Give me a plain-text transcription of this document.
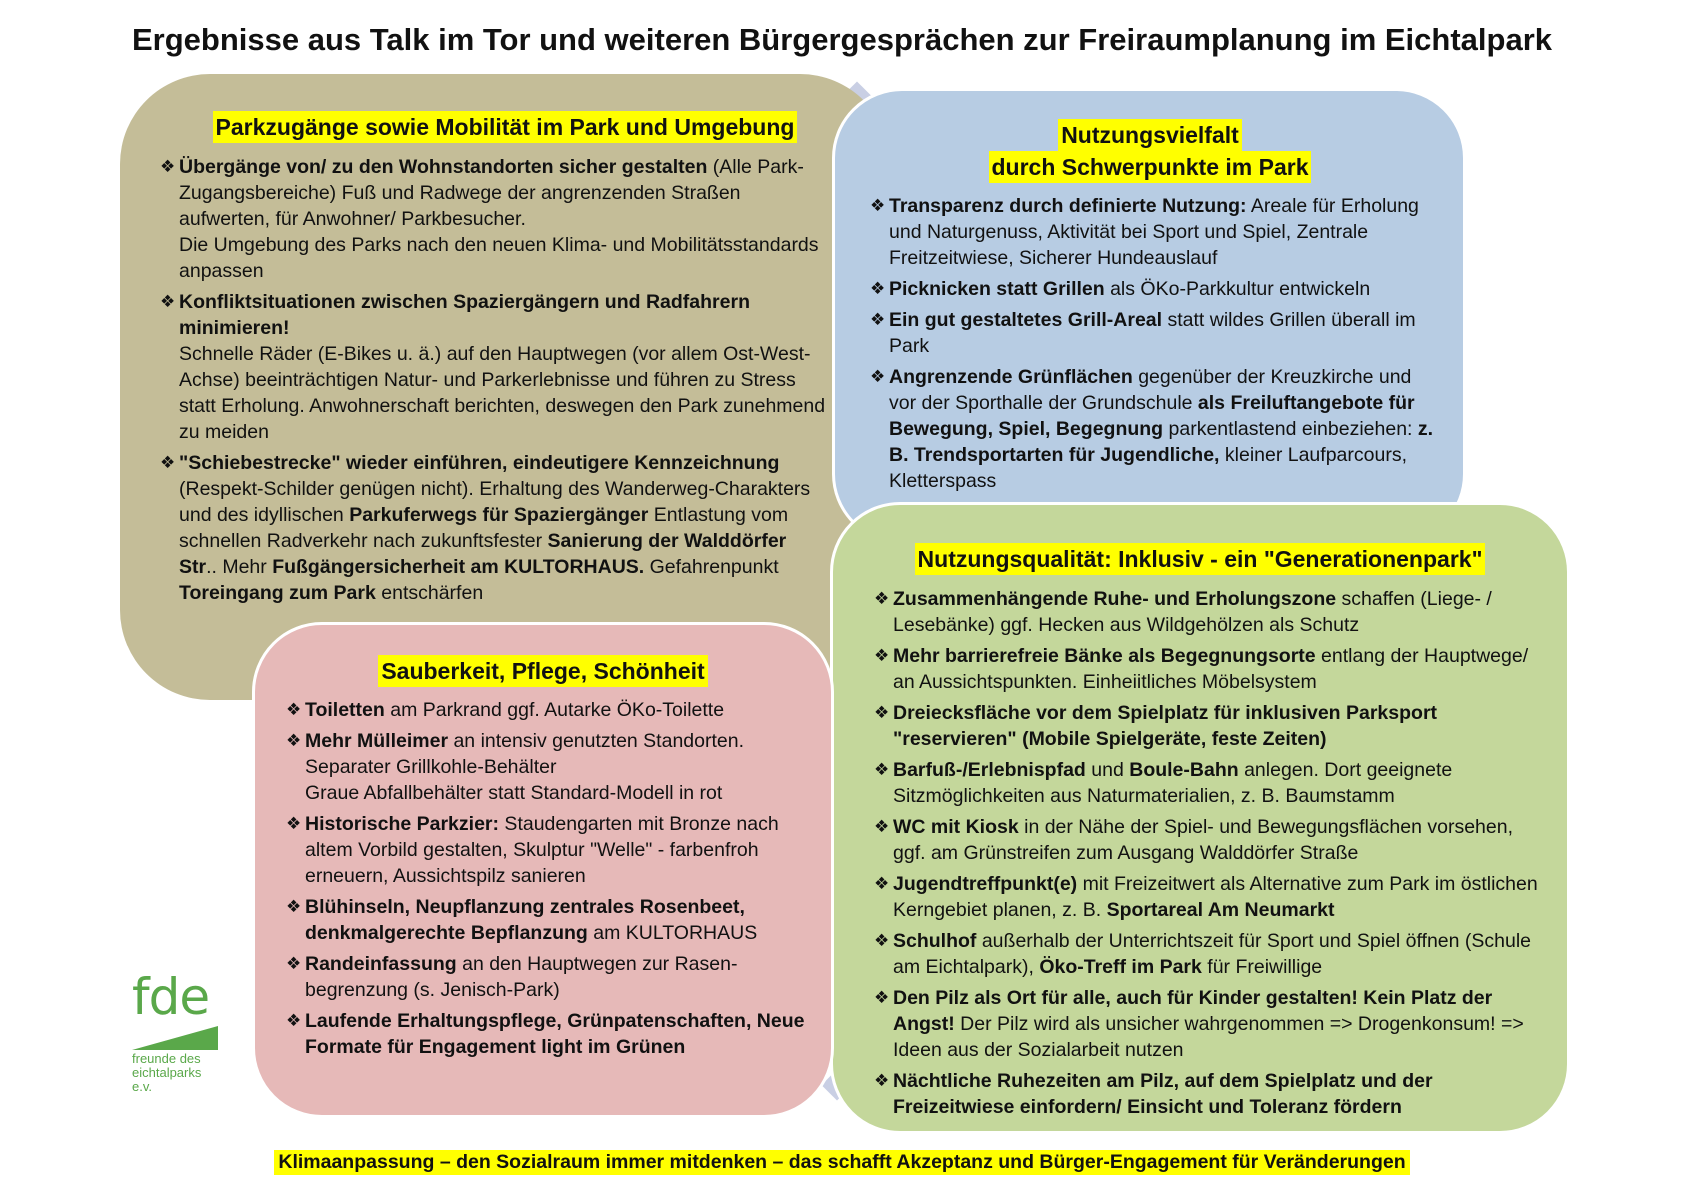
Ergebnisse aus Talk im Tor und weiteren Bürgergesprächen zur Freiraumplanung im Eichtalpark
Parkzugänge sowie Mobilität im Park und Umgebung
❖ Übergänge von/ zu den Wohnstandorten sicher gestalten (Alle Park-Zugangsbereiche) Fuß und Radwege der angrenzenden Straßen aufwerten, für Anwohner/ Parkbesucher.
Die Umgebung des Parks nach den neuen Klima- und Mobilitätsstandards anpassen
❖ Konfliktsituationen zwischen Spaziergängern und Radfahrern minimieren!
Schnelle Räder (E-Bikes u. ä.) auf den Hauptwegen (vor allem Ost-West-Achse) beeinträchtigen Natur- und Parkerlebnisse und führen zu Stress statt Erholung. Anwohnerschaft berichten, deswegen den Park zunehmend zu meiden
❖ "Schiebestrecke" wieder einführen, eindeutigere Kennzeichnung (Respekt-Schilder genügen nicht). Erhaltung des Wanderweg-Charakters und des idyllischen Parkuferwegs für Spaziergänger Entlastung vom schnellen Radverkehr nach zukunftsfester Sanierung der Walddörfer Str.. Mehr Fußgängersicherheit am KULTORHAUS. Gefahrenpunkt Toreingang zum Park entschärfen
Nutzungsvielfalt
durch Schwerpunkte im Park
❖ Transparenz durch definierte Nutzung: Areale für Erholung und Naturgenuss, Aktivität bei Sport und Spiel, Zentrale Freitzeitwiese, Sicherer Hundeauslauf
❖ Picknicken statt Grillen als ÖKo-Parkkultur entwickeln
❖ Ein gut gestaltetes Grill-Areal statt wildes Grillen überall im Park
❖ Angrenzende Grünflächen gegenüber der Kreuzkirche und vor der Sporthalle der Grundschule als Freiluftangebote für Bewegung, Spiel, Begegnung parkentlastend einbeziehen: z. B. Trendsportarten für Jugendliche, kleiner Laufparcours, Kletterspass
Nutzungsqualität: Inklusiv - ein "Generationenpark"
❖ Zusammenhängende Ruhe- und Erholungszone schaffen (Liege- / Lesebänke) ggf. Hecken aus Wildgehölzen als Schutz
❖ Mehr barrierefreie Bänke als Begegnungsorte entlang der Hauptwege/ an Aussichtspunkten. Einheiitliches Möbelsystem
❖ Dreiecksfläche vor dem Spielplatz für inklusiven Parksport "reservieren" (Mobile Spielgeräte, feste Zeiten)
❖ Barfuß-/Erlebnispfad und Boule-Bahn anlegen. Dort geeignete Sitzmöglichkeiten aus Naturmaterialien, z. B. Baumstamm
❖ WC mit Kiosk in der Nähe der Spiel- und Bewegungsflächen vorsehen, ggf. am Grünstreifen zum Ausgang Walddörfer Straße
❖ Jugendtreffpunkt(e) mit Freizeitwert als Alternative zum Park im östlichen Kerngebiet planen, z. B. Sportareal Am Neumarkt
❖ Schulhof außerhalb der Unterrichtszeit für Sport und Spiel öffnen (Schule am Eichtalpark), Öko-Treff im Park für Freiwillige
❖ Den Pilz als Ort für alle, auch für Kinder gestalten! Kein Platz der Angst! Der Pilz wird als unsicher wahrgenommen => Drogenkonsum! => Ideen aus der Sozialarbeit nutzen
❖ Nächtliche Ruhezeiten am Pilz, auf dem Spielplatz und der Freizeitwiese einfordern/ Einsicht und Toleranz fördern
Sauberkeit, Pflege, Schönheit
❖ Toiletten am Parkrand ggf. Autarke ÖKo-Toilette
❖ Mehr Mülleimer an intensiv genutzten Standorten. Separater Grillkohle-Behälter
Graue Abfallbehälter statt Standard-Modell in rot
❖ Historische Parkzier: Staudengarten mit Bronze nach altem Vorbild gestalten, Skulptur "Welle" - farbenfroh erneuern, Aussichtspilz sanieren
❖ Blühinseln, Neupflanzung zentrales Rosenbeet, denkmalgerechte Bepflanzung am KULTORHAUS
❖ Randeinfassung an den Hauptwegen zur Rasen-begrenzung (s. Jenisch-Park)
❖ Laufende Erhaltungspflege, Grünpatenschaften, Neue Formate für Engagement light im Grünen
fde
freunde des
eichtalparks
e.v.
Klimaanpassung – den Sozialraum immer mitdenken – das schafft Akzeptanz und Bürger-Engagement für Veränderungen
